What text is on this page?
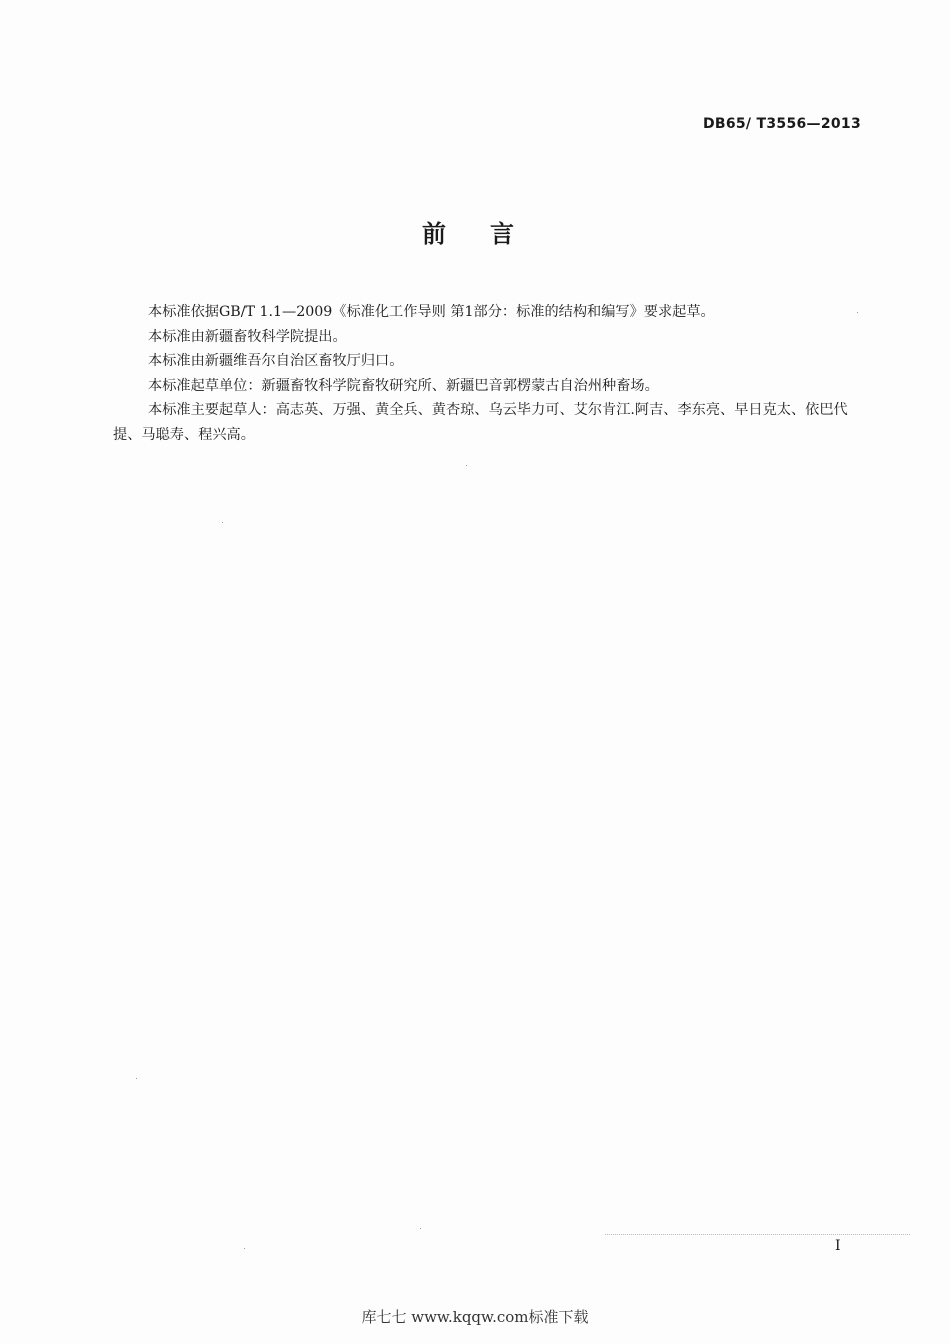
DB65/ T3556—2013
前言

本标准依据GB/T 1.1—2009《标准化工作导则 第1部分：标准的结构和编写》要求起草。

本标准由新疆畜牧科学院提出。

本标准由新疆维吾尔自治区畜牧厅归口。

本标准起草单位：新疆畜牧科学院畜牧研究所、新疆巴音郭楞蒙古自治州种畜场。

本标准主要起草人：高志英、万强、黄全兵、黄杏琼、乌云毕力可、艾尔肯江.阿吉、李东亮、早日克太、依巴代提、马聪寿、程兴高。

I
库七七 www.kqqw.com标准下载
